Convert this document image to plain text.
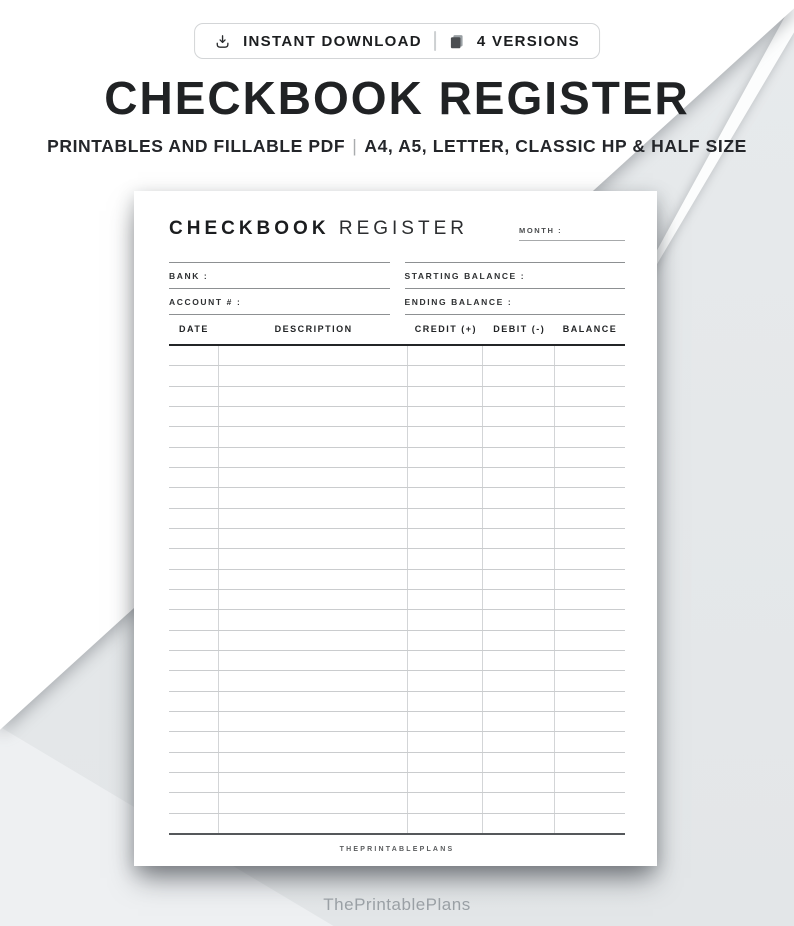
INSTANT DOWNLOAD	4 VERSIONS
CHECKBOOK REGISTER
PRINTABLES AND FILLABLE PDF | A4, A5, LETTER, CLASSIC HP & HALF SIZE
CHECKBOOK REGISTER	MONTH :
BANK :
ACCOUNT # :
STARTING BALANCE :
ENDING BALANCE :
DATE	DESCRIPTION	CREDIT (+)	DEBIT (-)	BALANCE
THEPRINTABLEPLANS
ThePrintablePlans
